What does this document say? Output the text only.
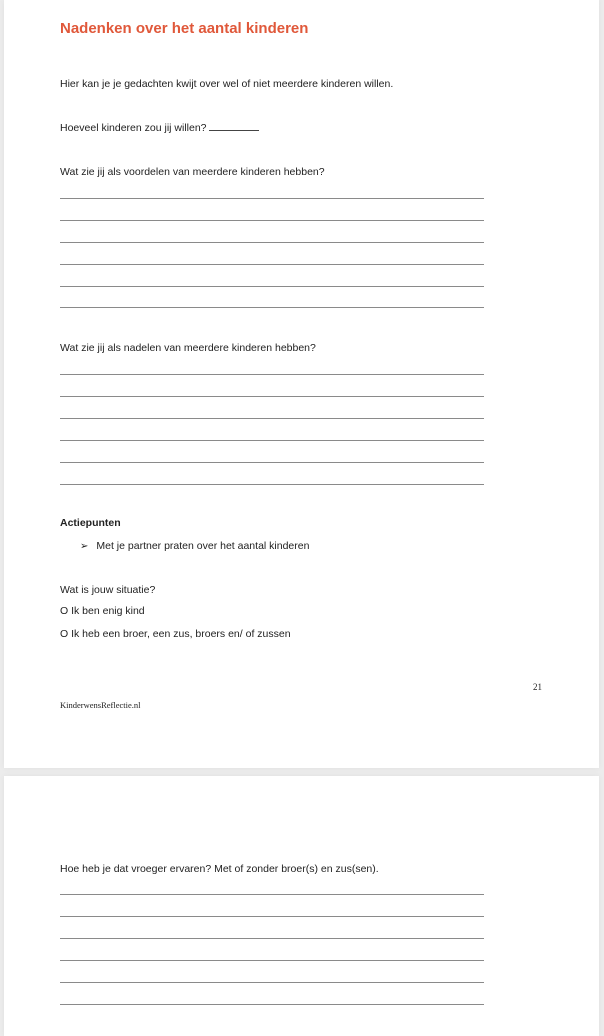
Nadenken over het aantal kinderen
Hier kan je je gedachten kwijt over wel of niet meerdere kinderen willen.
Hoeveel kinderen zou jij willen?
Wat zie jij als voordelen van meerdere kinderen hebben?
Wat zie jij als nadelen van meerdere kinderen hebben?
Actiepunten
➢ Met je partner praten over het aantal kinderen
Wat is jouw situatie?
O Ik ben enig kind
O Ik heb een broer, een zus, broers en/ of zussen
21
KinderwensReflectie.nl
Hoe heb je dat vroeger ervaren? Met of zonder broer(s) en zus(sen).
